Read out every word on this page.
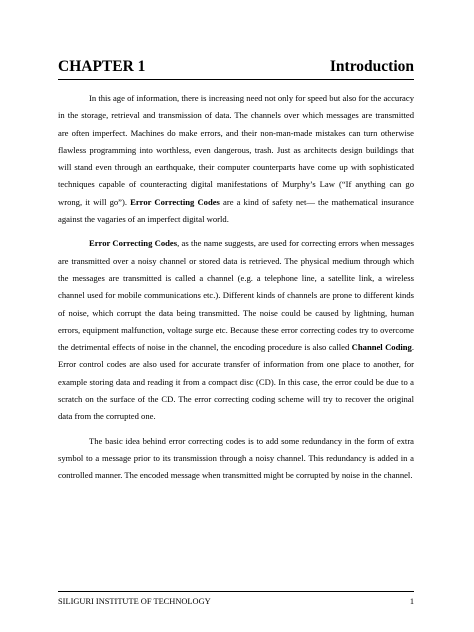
CHAPTER 1	Introduction

In this age of information, there is increasing need not only for speed but also for the accuracy in the storage, retrieval and transmission of data. The channels over which messages are transmitted are often imperfect. Machines do make errors, and their non-man-made mistakes can turn otherwise flawless programming into worthless, even dangerous, trash. Just as architects design buildings that will stand even through an earthquake, their computer counterparts have come up with sophisticated techniques capable of counteracting digital manifestations of Murphy’s Law (“If anything can go wrong, it will go”). Error Correcting Codes are a kind of safety net— the mathematical insurance against the vagaries of an imperfect digital world.

Error Correcting Codes, as the name suggests, are used for correcting errors when messages are transmitted over a noisy channel or stored data is retrieved. The physical medium through which the messages are transmitted is called a channel (e.g. a telephone line, a satellite link, a wireless channel used for mobile communications etc.). Different kinds of channels are prone to different kinds of noise, which corrupt the data being transmitted. The noise could be caused by lightning, human errors, equipment malfunction, voltage surge etc. Because these error correcting codes try to overcome the detrimental effects of noise in the channel, the encoding procedure is also called Channel Coding. Error control codes are also used for accurate transfer of information from one place to another, for example storing data and reading it from a compact disc (CD). In this case, the error could be due to a scratch on the surface of the CD. The error correcting coding scheme will try to recover the original data from the corrupted one.

The basic idea behind error correcting codes is to add some redundancy in the form of extra symbol to a message prior to its transmission through a noisy channel. This redundancy is added in a controlled manner. The encoded message when transmitted might be corrupted by noise in the channel.

SILIGURI INSTITUTE OF TECHNOLOGY	1
